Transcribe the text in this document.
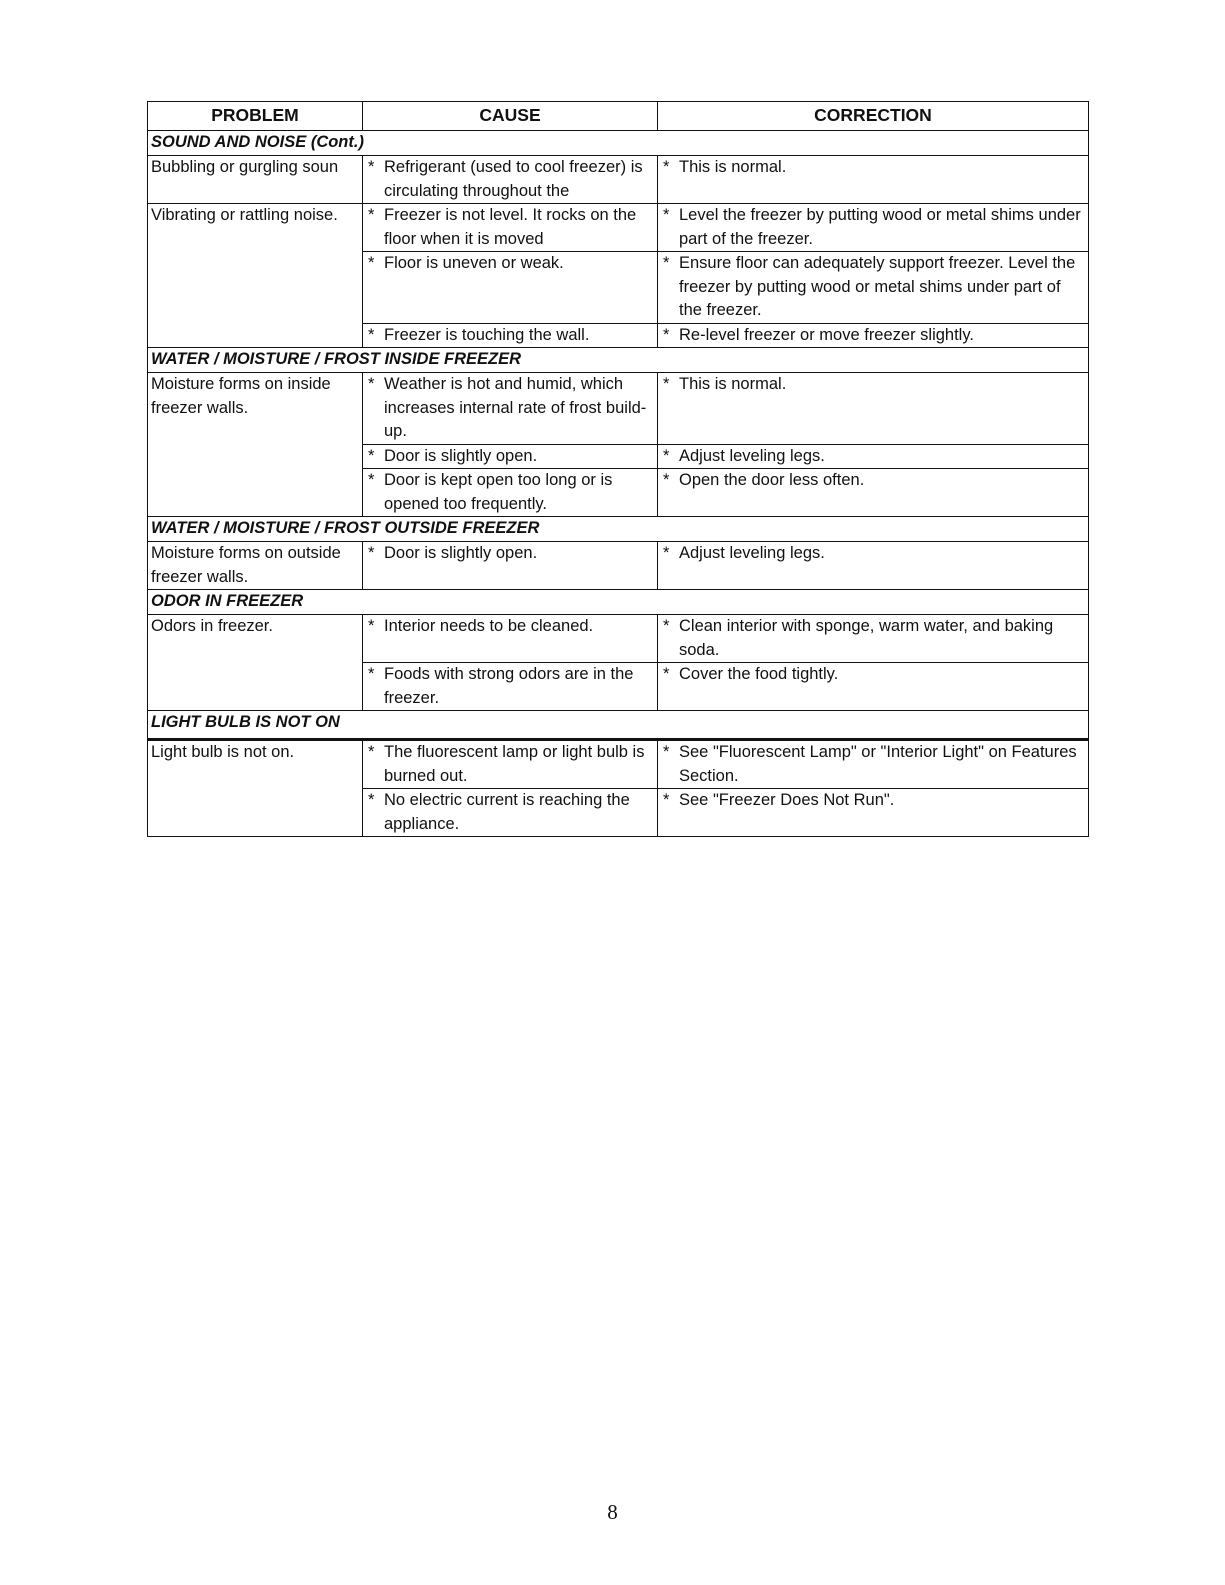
PROBLEM	CAUSE	CORRECTION
SOUND AND NOISE (Cont.)		

Bubbling or gurgling soun	* Refrigerant (used to cool freezer) is circulating throughout the	* This is normal.

Vibrating or rattling noise.	* Freezer is not level. It rocks on the floor when it is moved	* Level the freezer by putting wood or metal shims under part of the freezer.

	* Floor is uneven or weak.	* Ensure floor can adequately support freezer. Level the freezer by putting wood or metal shims under part of the freezer.

	* Freezer is touching the wall.	* Re-level freezer or move freezer slightly.

WATER / MOISTURE / FROST INSIDE FREEZER		

Moisture forms on inside freezer walls.	* Weather is hot and humid, which increases internal rate of frost build-up.	* This is normal.

	* Door is slightly open.	* Adjust leveling legs.

	* Door is kept open too long or is opened too frequently.	* Open the door less often.

WATER / MOISTURE / FROST OUTSIDE FREEZER		

Moisture forms on outside freezer walls.	* Door is slightly open.	* Adjust leveling legs.

ODOR IN FREEZER		

Odors in freezer.	* Interior needs to be cleaned.	* Clean interior with sponge, warm water, and baking soda.

	* Foods with strong odors are in the freezer.	* Cover the food tightly.

LIGHT BULB IS NOT ON		

Light bulb is not on.	* The fluorescent lamp or light bulb is burned out.	* See "Fluorescent Lamp" or "Interior Light" on Features Section.

	* No electric current is reaching the appliance.	* See "Freezer Does Not Run".
8
